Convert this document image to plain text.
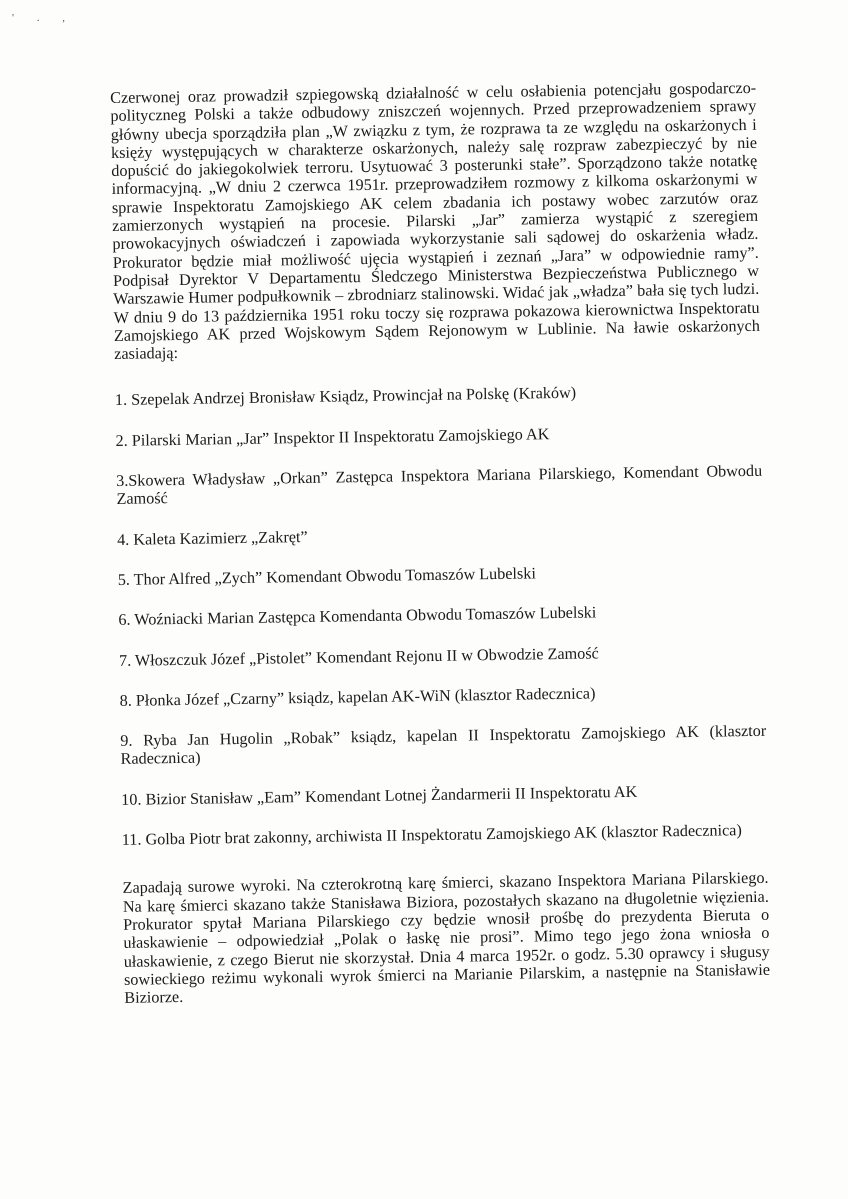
' . ,

Czerwonej oraz prowadził szpiegowską działalność w celu osłabienia potencjału gospodarczo-polityczneg Polski a także odbudowy zniszczeń wojennych. Przed przeprowadzeniem sprawy główny ubecja sporządziła plan „W związku z tym, że rozprawa ta ze względu na oskarżonych i księży występujących w charakterze oskarżonych, należy salę rozpraw zabezpieczyć by nie dopuścić do jakiegokolwiek terroru. Usytuować 3 posterunki stałe”. Sporządzono także notatkę informacyjną. „W dniu 2 czerwca 1951r. przeprowadziłem rozmowy z kilkoma oskarżonymi w sprawie Inspektoratu Zamojskiego AK celem zbadania ich postawy wobec zarzutów oraz zamierzonych wystąpień na procesie. Pilarski „Jar” zamierza wystąpić z szeregiem prowokacyjnych oświadczeń i zapowiada wykorzystanie sali sądowej do oskarżenia władz. Prokurator będzie miał możliwość ujęcia wystąpień i zeznań „Jara” w odpowiednie ramy”. Podpisał Dyrektor V Departamentu Śledczego Ministerstwa Bezpieczeństwa Publicznego w Warszawie Humer podpułkownik – zbrodniarz stalinowski. Widać jak „władza” bała się tych ludzi. W dniu 9 do 13 października 1951 roku toczy się rozprawa pokazowa kierownictwa Inspektoratu Zamojskiego AK przed Wojskowym Sądem Rejonowym w Lublinie. Na ławie oskarżonych zasiadają:

1. Szepelak Andrzej Bronisław Ksiądz, Prowincjał na Polskę (Kraków)

2. Pilarski Marian „Jar” Inspektor II Inspektoratu Zamojskiego AK

3.Skowera Władysław „Orkan” Zastępca Inspektora Mariana Pilarskiego, Komendant Obwodu Zamość

4. Kaleta Kazimierz „Zakręt”

5. Thor Alfred „Zych” Komendant Obwodu Tomaszów Lubelski

6. Woźniacki Marian Zastępca Komendanta Obwodu Tomaszów Lubelski

7. Włoszczuk Józef „Pistolet” Komendant Rejonu II w Obwodzie Zamość

8. Płonka Józef „Czarny” ksiądz, kapelan AK-WiN (klasztor Radecznica)

9. Ryba Jan Hugolin „Robak” ksiądz, kapelan II Inspektoratu Zamojskiego AK (klasztor Radecznica)

10. Bizior Stanisław „Eam” Komendant Lotnej Żandarmerii II Inspektoratu AK

11. Golba Piotr brat zakonny, archiwista II Inspektoratu Zamojskiego AK (klasztor Radecznica)

Zapadają surowe wyroki. Na czterokrotną karę śmierci, skazano Inspektora Mariana Pilarskiego. Na karę śmierci skazano także Stanisława Biziora, pozostałych skazano na długoletnie więzienia. Prokurator spytał Mariana Pilarskiego czy będzie wnosił prośbę do prezydenta Bieruta o ułaskawienie – odpowiedział „Polak o łaskę nie prosi”. Mimo tego jego żona wniosła o ułaskawienie, z czego Bierut nie skorzystał. Dnia 4 marca 1952r. o godz. 5.30 oprawcy i sługusy sowieckiego reżimu wykonali wyrok śmierci na Marianie Pilarskim, a następnie na Stanisławie Biziorze.
